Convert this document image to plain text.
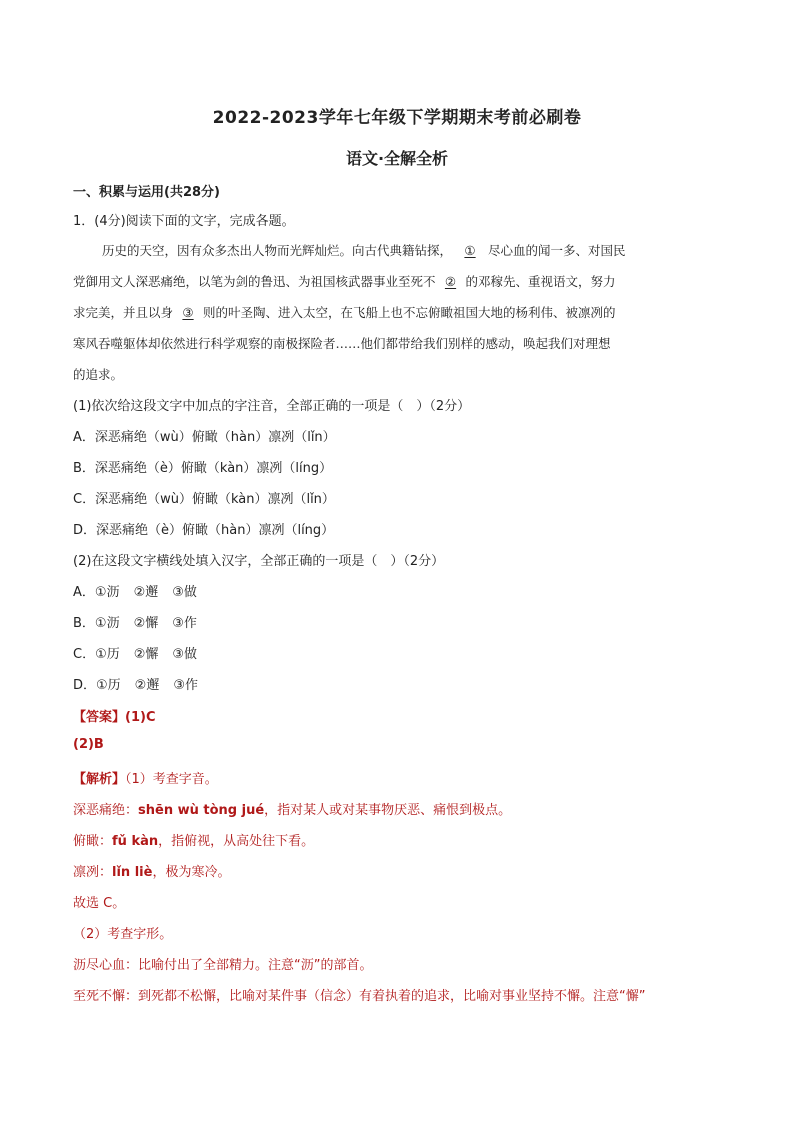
2022-2023学年七年级下学期期末考前必刷卷
语文·全解全析
一、积累与运用(共28分)
1．(4分)阅读下面的文字，完成各题。
历史的天空，因有众多杰出人物而光辉灿烂。向古代典籍钻探， ① 尽心血的闻一多、对国民
党御用文人深恶痛绝，以笔为剑的鲁迅、为祖国核武器事业至死不 ② 的邓稼先、重视语文，努力
求完美，并且以身 ③ 则的叶圣陶、进入太空，在飞船上也不忘俯瞰祖国大地的杨利伟、被凛冽的
寒风吞噬躯体却依然进行科学观察的南极探险者……他们都带给我们别样的感动，唤起我们对理想
的追求。
(1)依次给这段文字中加点的字注音，全部正确的一项是（　）（2分）
A．深恶痛绝（wù）俯瞰（hàn）凛冽（lǐn）
B．深恶痛绝（è）俯瞰（kàn）凛冽（líng）
C．深恶痛绝（wù）俯瞰（kàn）凛冽（lǐn）
D．深恶痛绝（è）俯瞰（hàn）凛冽（líng）
(2)在这段文字横线处填入汉字，全部正确的一项是（　）（2分）
A．①沥 ②邂 ③做
B．①沥 ②懈 ③作
C．①历 ②懈 ③做
D．①历 ②邂 ③作
【答案】(1)C
(2)B
【解析】（1）考查字音。
深恶痛绝：shēn wù tòng jué，指对某人或对某事物厌恶、痛恨到极点。
俯瞰：fǔ kàn，指俯视，从高处往下看。
凛冽：lǐn liè，极为寒冷。
故选 C。
（2）考查字形。
沥尽心血：比喻付出了全部精力。注意“沥”的部首。
至死不懈：到死都不松懈，比喻对某件事（信念）有着执着的追求，比喻对事业坚持不懈。注意“懈”
